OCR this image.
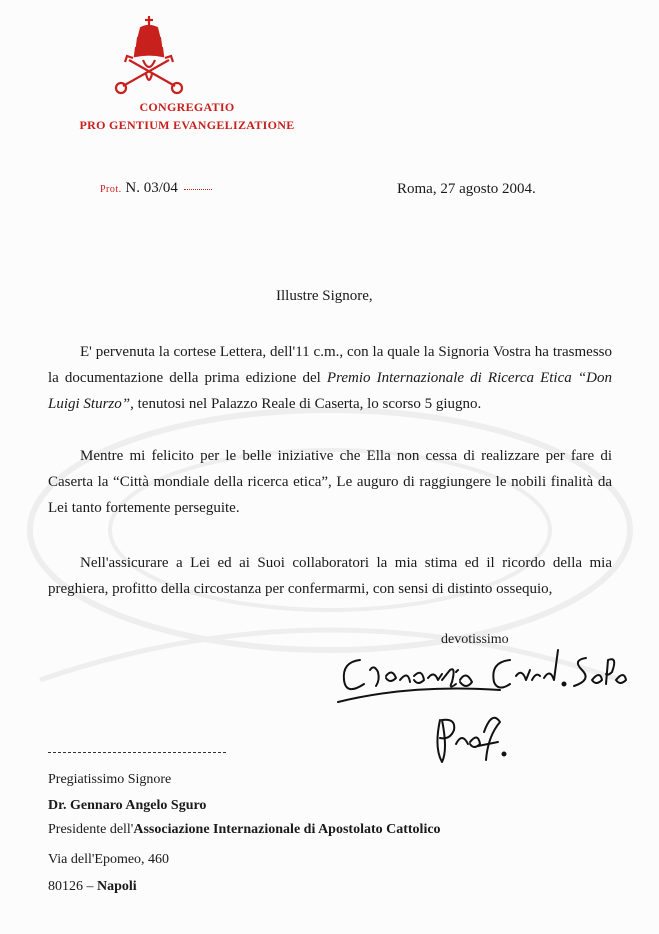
CONGREGATIO
PRO GENTIUM EVANGELIZATIONE
Prot. N. 03/04	Roma, 27 agosto 2004.
Illustre Signore,

E' pervenuta la cortese Lettera, dell'11 c.m., con la quale la Signoria Vostra ha trasmesso la documentazione della prima edizione del Premio Internazionale di Ricerca Etica “Don Luigi Sturzo”, tenutosi nel Palazzo Reale di Caserta, lo scorso 5 giugno.

Mentre mi felicito per le belle iniziative che Ella non cessa di realizzare per fare di Caserta la “Città mondiale della ricerca etica”, Le auguro di raggiungere le nobili finalità da Lei tanto fortemente perseguite.

Nell'assicurare a Lei ed ai Suoi collaboratori la mia stima ed il ricordo della mia preghiera, profitto della circostanza per confermarmi, con sensi di distinto ossequio,

devotissimo
Pregiatissimo Signore
Dr. Gennaro Angelo Sguro
Presidente dell'Associazione Internazionale di Apostolato Cattolico
Via dell'Epomeo, 460
80126 – Napoli
